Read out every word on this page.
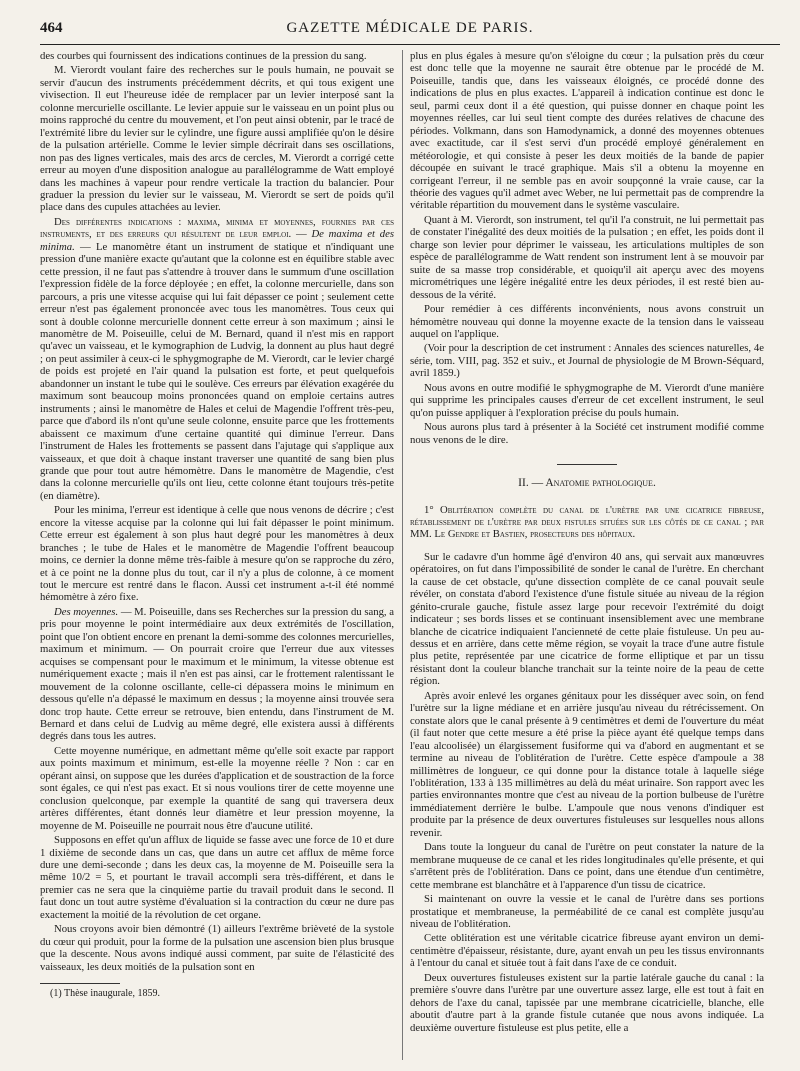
464	GAZETTE MÉDICALE DE PARIS.

des courbes qui fournissent des indications continues de la pression du sang.

M. Vierordt voulant faire des recherches sur le pouls humain, ne pouvait se servir d'aucun des instruments précédemment décrits, et qui tous exigent une vivisection. Il eut l'heureuse idée de remplacer par un levier interposé sant la colonne mercurielle oscillante. Le levier appuie sur le vaisseau en un point plus ou moins rapproché du centre du mouvement, et l'on peut ainsi obtenir, par le tracé de l'extrémité libre du levier sur le cylindre, une figure aussi amplifiée qu'on le désire de la pulsation artérielle. Comme le levier simple décrirait dans ses oscillations, non pas des lignes verticales, mais des arcs de cercles, M. Vierordt a corrigé cette erreur au moyen d'une disposition analogue au parallélogramme de Watt employé dans les machines à vapeur pour rendre verticale la traction du balancier. Pour graduer la pression du levier sur le vaisseau, M. Vierordt se sert de poids qu'il place dans des cupules attachées au levier.

Des différentes indications : maxima, minima et moyennes, fournies par ces instruments, et des erreurs qui résultent de leur emploi. — De maxima et des minima. — Le manomètre étant un instrument de statique et n'indiquant une pression d'une manière exacte qu'autant que la colonne est en équilibre stable avec cette pression, il ne faut pas s'attendre à trouver dans le summum d'une oscillation l'expression fidèle de la force déployée ; en effet, la colonne mercurielle, dans son parcours, a pris une vitesse acquise qui lui fait dépasser ce point ; seulement cette erreur n'est pas également prononcée avec tous les manomètres. Tous ceux qui sont à double colonne mercurielle donnent cette erreur à son maximum ; ainsi le manomètre de M. Poiseuille, celui de M. Bernard, quand il n'est mis en rapport qu'avec un vaisseau, et le kymographion de Ludvig, la donnent au plus haut degré ; on peut assimiler à ceux-ci le sphygmographe de M. Vierordt, car le levier chargé de poids est projeté en l'air quand la pulsation est forte, et peut quelquefois abandonner un instant le tube qui le soulève. Ces erreurs par élévation exagérée du maximum sont beaucoup moins prononcées quand on emploie certains autres instruments ; ainsi le manomètre de Hales et celui de Magendie l'offrent très-peu, parce que d'abord ils n'ont qu'une seule colonne, ensuite parce que les frottements abaissent ce maximum d'une certaine quantité qui diminue l'erreur. Dans l'instrument de Hales les frottements se passent dans l'ajutage qui s'applique aux vaisseaux, et que doit à chaque instant traverser une quantité de sang bien plus grande que pour tout autre hémomètre. Dans le manomètre de Magendie, c'est dans la colonne mercurielle qu'ils ont lieu, cette colonne étant toujours très-petite (en diamètre).

Pour les minima, l'erreur est identique à celle que nous venons de décrire ; c'est encore la vitesse acquise par la colonne qui lui fait dépasser le point minimum. Cette erreur est également à son plus haut degré pour les manomètres à deux branches ; le tube de Hales et le manomètre de Magendie l'offrent beaucoup moins, ce dernier la donne même très-faible à mesure qu'on se rapproche du zéro, et à ce point ne la donne plus du tout, car il n'y a plus de colonne, à ce moment tout le mercure est rentré dans le flacon. Aussi cet instrument a-t-il été nommé hémomètre à zéro fixe.

Des moyennes. — M. Poiseuille, dans ses Recherches sur la pression du sang, a pris pour moyenne le point intermédiaire aux deux extrémités de l'oscillation, point que l'on obtient encore en prenant la demi-somme des colonnes mercurielles, maximum et minimum. — On pourrait croire que l'erreur due aux vitesses acquises se compensant pour le maximum et le minimum, la vitesse obtenue est numériquement exacte ; mais il n'en est pas ainsi, car le frottement ralentissant le mouvement de la colonne oscillante, celle-ci dépassera moins le minimum en dessous qu'elle n'a dépassé le maximum en dessus ; la moyenne ainsi trouvée sera donc trop haute. Cette erreur se retrouve, bien entendu, dans l'instrument de M. Bernard et dans celui de Ludvig au même degré, elle existera aussi à différents degrés dans tous les autres.

Cette moyenne numérique, en admettant même qu'elle soit exacte par rapport aux points maximum et minimum, est-elle la moyenne réelle ? Non : car en opérant ainsi, on suppose que les durées d'application et de soustraction de la force sont égales, ce qui n'est pas exact. Et si nous voulions tirer de cette moyenne une conclusion quelconque, par exemple la quantité de sang qui traversera deux artères différentes, étant donnés leur diamètre et leur pression moyenne, la moyenne de M. Poiseuille ne pourrait nous être d'aucune utilité.

Supposons en effet qu'un afflux de liquide se fasse avec une force de 10 et dure 1 dixième de seconde dans un cas, que dans un autre cet afflux de même force dure une demi-seconde ; dans les deux cas, la moyenne de M. Poiseuille sera la même 10/2 = 5, et pourtant le travail accompli sera très-différent, et dans le premier cas ne sera que la cinquième partie du travail produit dans le second. Il faut donc un tout autre système d'évaluation si la contraction du cœur ne dure pas exactement la moitié de la révolution de cet organe.

Nous croyons avoir bien démontré (1) ailleurs l'extrême brièveté de la systole du cœur qui produit, pour la forme de la pulsation une ascension bien plus brusque que la descente. Nous avons indiqué aussi comment, par suite de l'élasticité des vaisseaux, les deux moitiés de la pulsation sont en

(1) Thèse inaugurale, 1859.

plus en plus égales à mesure qu'on s'éloigne du cœur ; la pulsation près du cœur est donc telle que la moyenne ne saurait être obtenue par le procédé de M. Poiseuille, tandis que, dans les vaisseaux éloignés, ce procédé donne des indications de plus en plus exactes. L'appareil à indication continue est donc le seul, parmi ceux dont il a été question, qui puisse donner en chaque point les moyennes réelles, car lui seul tient compte des durées relatives de chacune des périodes. Volkmann, dans son Hamodynamick, a donné des moyennes obtenues avec exactitude, car il s'est servi d'un procédé employé généralement en météorologie, et qui consiste à peser les deux moitiés de la bande de papier découpée en suivant le tracé graphique. Mais s'il a obtenu la moyenne en corrigeant l'erreur, il ne semble pas en avoir soupçonné la vraie cause, car la théorie des vagues qu'il admet avec Weber, ne lui permettait pas de comprendre la véritable répartition du mouvement dans le système vasculaire.

Quant à M. Vierordt, son instrument, tel qu'il l'a construit, ne lui permettait pas de constater l'inégalité des deux moitiés de la pulsation ; en effet, les poids dont il charge son levier pour déprimer le vaisseau, les articulations multiples de son espèce de parallélogramme de Watt rendent son instrument lent à se mouvoir par suite de sa masse trop considérable, et quoiqu'il ait aperçu avec des moyens micrométriques une légère inégalité entre les deux périodes, il est resté bien au-dessous de la vérité.

Pour remédier à ces différents inconvénients, nous avons construit un hémomètre nouveau qui donne la moyenne exacte de la tension dans le vaisseau auquel on l'applique.

(Voir pour la description de cet instrument : Annales des sciences naturelles, 4e série, tom. VIII, pag. 352 et suiv., et Journal de physiologie de M Brown-Séquard, avril 1859.)

Nous avons en outre modifié le sphygmographe de M. Vierordt d'une manière qui supprime les principales causes d'erreur de cet excellent instrument, le seul qu'on puisse appliquer à l'exploration précise du pouls humain.

Nous aurons plus tard à présenter à la Société cet instrument modifié comme nous venons de le dire.

II. — Anatomie pathologique.

1° Oblitération complète du canal de l'urètre par une cicatrice fibreuse, rétablissement de l'urètre par deux fistules situées sur les côtés de ce canal ; par MM. Le Gendre et Bastien, prosecteurs des hôpitaux.

Sur le cadavre d'un homme âgé d'environ 40 ans, qui servait aux manœuvres opératoires, on fut dans l'impossibilité de sonder le canal de l'urètre. En cherchant la cause de cet obstacle, qu'une dissection complète de ce canal pouvait seule révéler, on constata d'abord l'existence d'une fistule située au niveau de la région génito-crurale gauche, fistule assez large pour recevoir l'extrémité du doigt indicateur ; ses bords lisses et se continuant insensiblement avec une membrane blanche de cicatrice indiquaient l'ancienneté de cette plaie fistuleuse. Un peu au-dessus et en arrière, dans cette même région, se voyait la trace d'une autre fistule plus petite, représentée par une cicatrice de forme elliptique et par un tissu résistant dont la couleur blanche tranchait sur la teinte noire de la peau de cette région.

Après avoir enlevé les organes génitaux pour les disséquer avec soin, on fend l'urètre sur la ligne médiane et en arrière jusqu'au niveau du rétrécissement. On constate alors que le canal présente à 9 centimètres et demi de l'ouverture du méat (il faut noter que cette mesure a été prise la pièce ayant été quelque temps dans l'eau alcoolisée) un élargissement fusiforme qui va d'abord en augmentant et se termine au niveau de l'oblitération de l'urètre. Cette espèce d'ampoule a 38 millimètres de longueur, ce qui donne pour la distance totale à laquelle siége l'oblitération, 133 à 135 millimètres au delà du méat urinaire. Son rapport avec les parties environnantes montre que c'est au niveau de la portion bulbeuse de l'urètre immédiatement derrière le bulbe. L'ampoule que nous venons d'indiquer est produite par la présence de deux ouvertures fistuleuses sur lesquelles nous allons revenir.

Dans toute la longueur du canal de l'urètre on peut constater la nature de la membrane muqueuse de ce canal et les rides longitudinales qu'elle présente, et qui s'arrêtent près de l'oblitération. Dans ce point, dans une étendue d'un centimètre, cette membrane est blanchâtre et à l'apparence d'un tissu de cicatrice.

Si maintenant on ouvre la vessie et le canal de l'urètre dans ses portions prostatique et membraneuse, la perméabilité de ce canal est complète jusqu'au niveau de l'oblitération.

Cette oblitération est une véritable cicatrice fibreuse ayant environ un demi-centimètre d'épaisseur, résistante, dure, ayant envah un peu les tissus environnants à l'entour du canal et située tout à fait dans l'axe de ce conduit.

Deux ouvertures fistuleuses existent sur la partie latérale gauche du canal : la première s'ouvre dans l'urètre par une ouverture assez large, elle est tout à fait en dehors de l'axe du canal, tapissée par une membrane cicatricielle, blanche, elle aboutit d'autre part à la grande fistule cutanée que nous avons indiquée. La deuxième ouverture fistuleuse est plus petite, elle a
